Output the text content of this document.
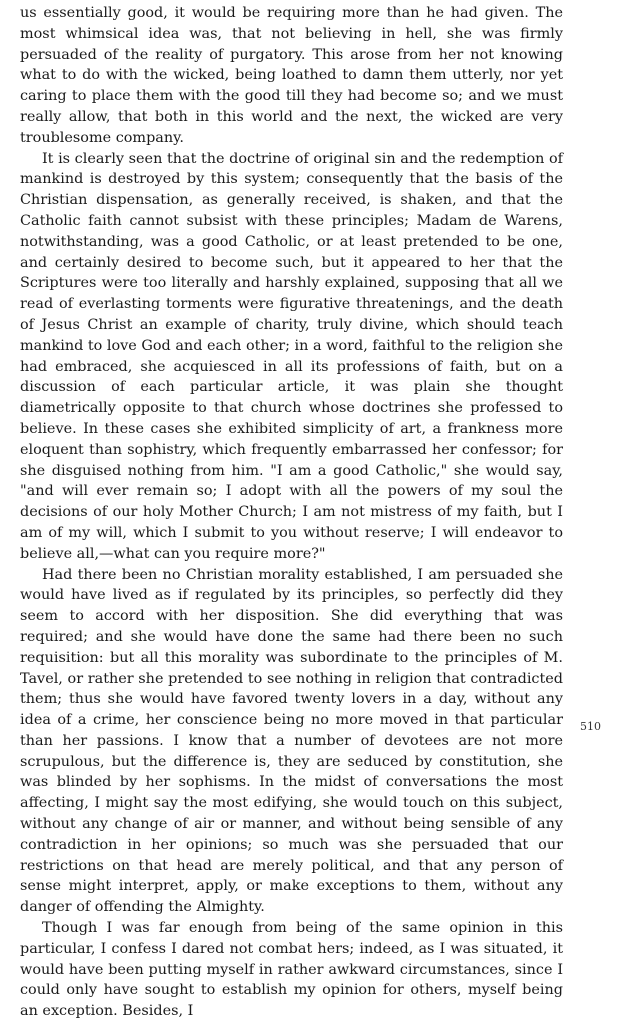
us essentially good, it would be requiring more than he had given. The most whimsical idea was, that not believing in hell, she was firmly persuaded of the reality of purgatory. This arose from her not knowing what to do with the wicked, being loathed to damn them utterly, nor yet caring to place them with the good till they had become so; and we must really allow, that both in this world and the next, the wicked are very troublesome company.

It is clearly seen that the doctrine of original sin and the redemption of mankind is destroyed by this system; consequently that the basis of the Christian dispensation, as generally received, is shaken, and that the Catholic faith cannot subsist with these principles; Madam de Warens, notwithstanding, was a good Catholic, or at least pretended to be one, and certainly desired to become such, but it appeared to her that the Scriptures were too literally and harshly explained, supposing that all we read of everlasting torments were figurative threatenings, and the death of Jesus Christ an example of charity, truly divine, which should teach mankind to love God and each other; in a word, faithful to the religion she had embraced, she acquiesced in all its professions of faith, but on a discussion of each particular article, it was plain she thought diametrically opposite to that church whose doctrines she professed to believe. In these cases she exhibited simplicity of art, a frankness more eloquent than sophistry, which frequently embarrassed her confessor; for she disguised nothing from him. "I am a good Catholic," she would say, "and will ever remain so; I adopt with all the powers of my soul the decisions of our holy Mother Church; I am not mistress of my faith, but I am of my will, which I submit to you without reserve; I will endeavor to believe all,—what can you require more?"

Had there been no Christian morality established, I am persuaded she would have lived as if regulated by its principles, so perfectly did they seem to accord with her disposition. She did everything that was required; and she would have done the same had there been no such requisition: but all this morality was subordinate to the principles of M. Tavel, or rather she pretended to see nothing in religion that contradicted them; thus she would have favored twenty lovers in a day, without any idea of a crime, her conscience being no more moved in that particular than her passions. I know that a number of devotees are not more scrupulous, but the difference is, they are seduced by constitution, she was blinded by her sophisms. In the midst of conversations the most affecting, I might say the most edifying, she would touch on this subject, without any change of air or manner, and without being sensible of any contradiction in her opinions; so much was she persuaded that our restrictions on that head are merely political, and that any person of sense might interpret, apply, or make exceptions to them, without any danger of offending the Almighty.

Though I was far enough from being of the same opinion in this particular, I confess I dared not combat hers; indeed, as I was situated, it would have been putting myself in rather awkward circumstances, since I could only have sought to establish my opinion for others, myself being an exception. Besides, I

510
